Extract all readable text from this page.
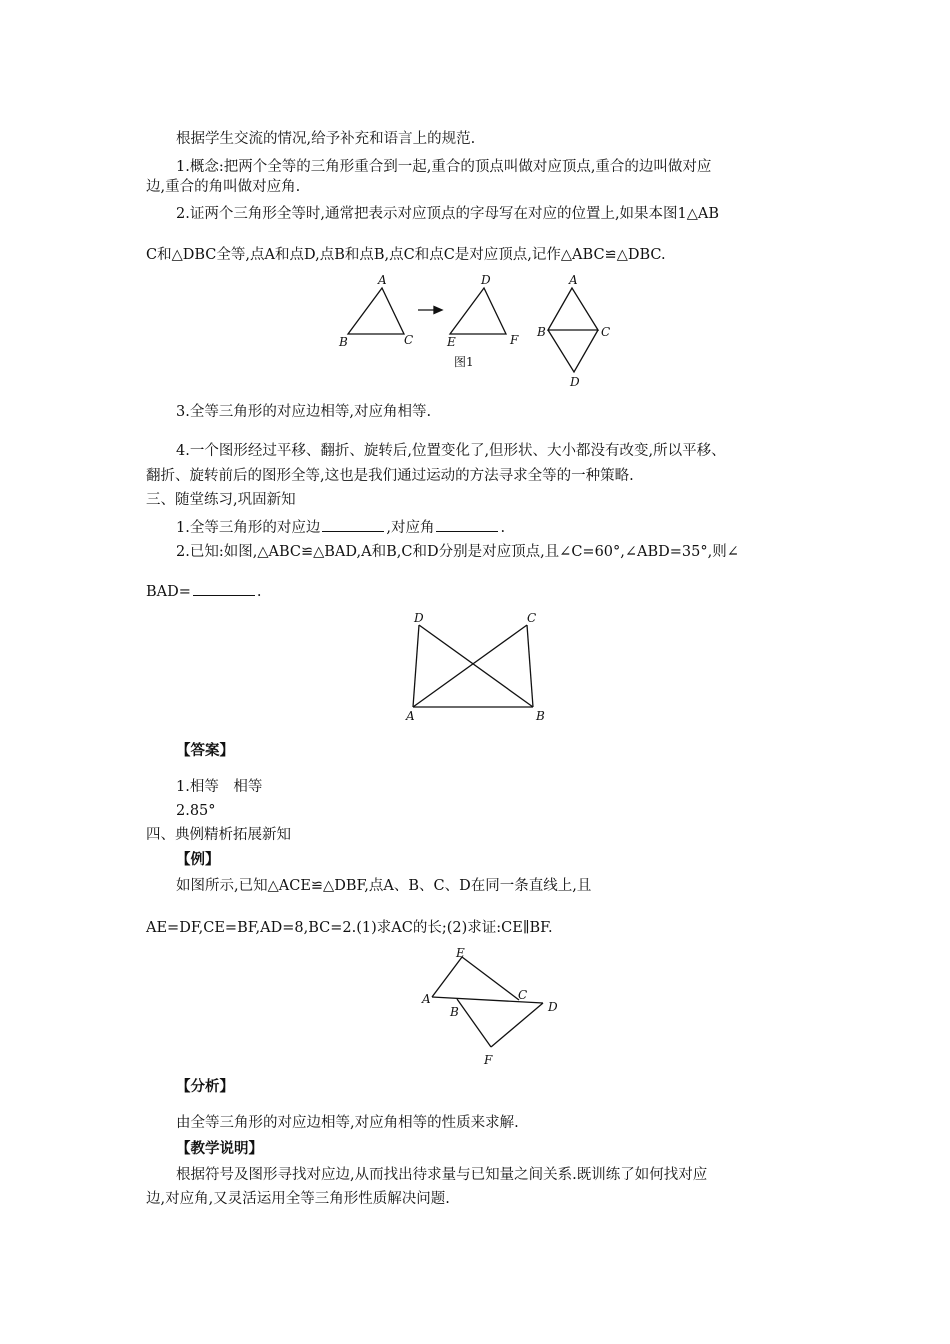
根据学生交流的情况,给予补充和语言上的规范.
1.概念:把两个全等的三角形重合到一起,重合的顶点叫做对应顶点,重合的边叫做对应
边,重合的角叫做对应角.
2.证两个三角形全等时,通常把表示对应顶点的字母写在对应的位置上,如果本图1△AB
C和△DBC全等,点A和点D,点B和点B,点C和点C是对应顶点,记作△ABC≌△DBC.
A
B	C
D
E	F
A
B	C
D
图1
3.全等三角形的对应边相等,对应角相等.
4.一个图形经过平移、翻折、旋转后,位置变化了,但形状、大小都没有改变,所以平移、
翻折、旋转前后的图形全等,这也是我们通过运动的方法寻求全等的一种策略.
三、随堂练习,巩固新知
1.全等三角形的对应边	,对应角	.
2.已知:如图,△ABC≌△BAD,A和B,C和D分别是对应顶点,且∠C=60°,∠ABD=35°,则∠
BAD=	.
D	C
A	B
【答案】
1.相等　相等
2.85°
四、典例精析拓展新知
【例】
如图所示,已知△ACE≌△DBF,点A、B、C、D在同一条直线上,且
AE=DF,CE=BF,AD=8,BC=2.(1)求AC的长;(2)求证:CE∥BF.
E
A
B
C
D
F
【分析】
由全等三角形的对应边相等,对应角相等的性质来求解.
【教学说明】
根据符号及图形寻找对应边,从而找出待求量与已知量之间关系.既训练了如何找对应
边,对应角,又灵活运用全等三角形性质解决问题.
